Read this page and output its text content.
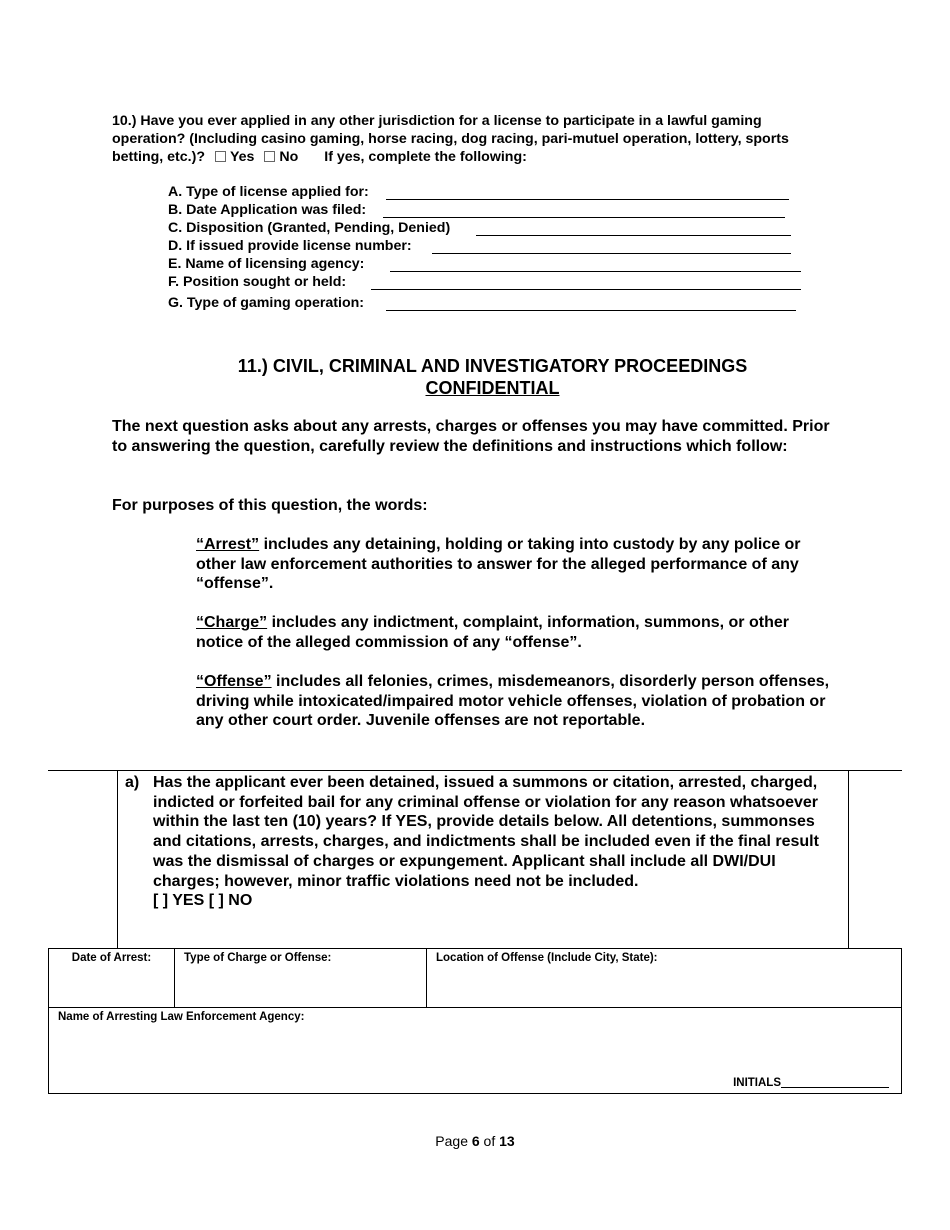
10.) Have you ever applied in any other jurisdiction for a license to participate in a lawful gaming operation? (Including casino gaming, horse racing, dog racing, pari-mutuel operation, lottery, sports betting, etc.)? Yes No If yes, complete the following:
A. Type of license applied for:
B. Date Application was filed:
C. Disposition (Granted, Pending, Denied)
D. If issued provide license number:
E. Name of licensing agency:
F. Position sought or held:
G. Type of gaming operation:
11.) CIVIL, CRIMINAL AND INVESTIGATORY PROCEEDINGS
CONFIDENTIAL
The next question asks about any arrests, charges or offenses you may have committed. Prior to answering the question, carefully review the definitions and instructions which follow:
For purposes of this question, the words:
“Arrest” includes any detaining, holding or taking into custody by any police or other law enforcement authorities to answer for the alleged performance of any “offense”.
“Charge” includes any indictment, complaint, information, summons, or other notice of the alleged commission of any “offense”.
“Offense” includes all felonies, crimes, misdemeanors, disorderly person offenses, driving while intoxicated/impaired motor vehicle offenses, violation of probation or any other court order. Juvenile offenses are not reportable.
a) Has the applicant ever been detained, issued a summons or citation, arrested, charged, indicted or forfeited bail for any criminal offense or violation for any reason whatsoever within the last ten (10) years? If YES, provide details below. All detentions, summonses and citations, arrests, charges, and indictments shall be included even if the final result was the dismissal of charges or expungement. Applicant shall include all DWI/DUI charges; however, minor traffic violations need not be included.
[ ] YES [ ] NO
Date of Arrest:	Type of Charge or Offense:	Location of Offense (Include City, State):
Name of Arresting Law Enforcement Agency:
INITIALS
Page 6 of 13
